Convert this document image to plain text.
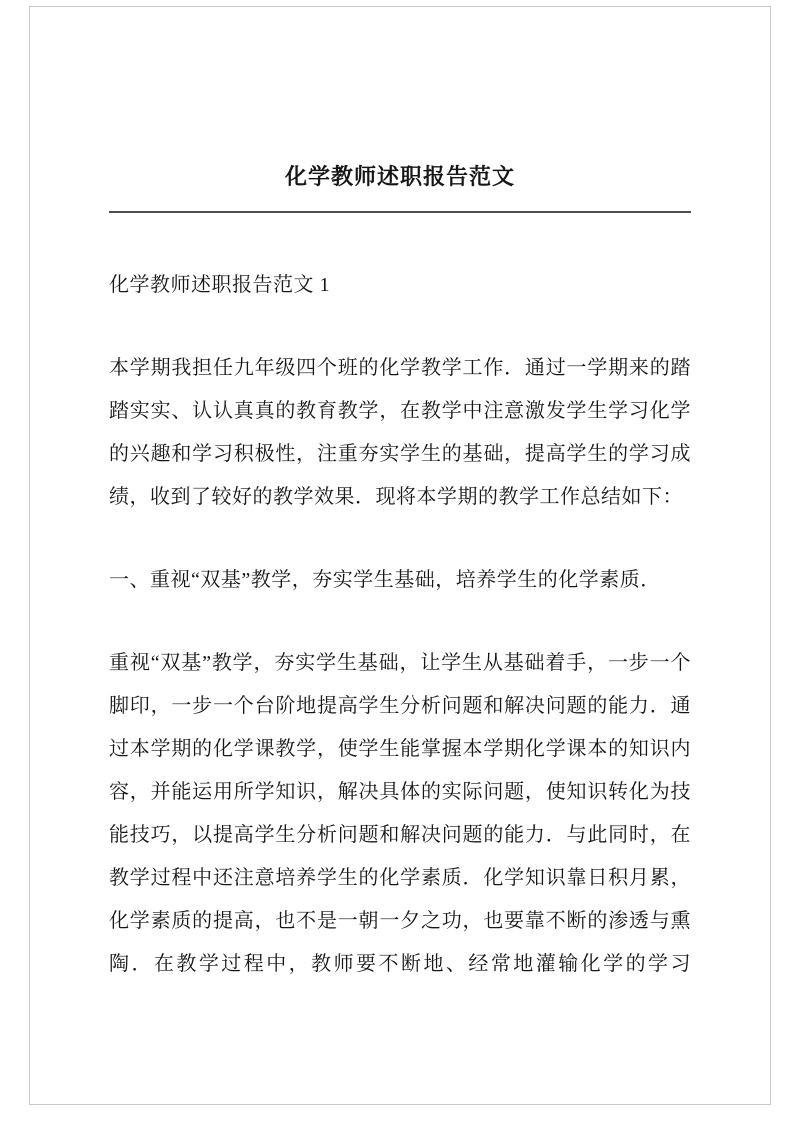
化学教师述职报告范文

化学教师述职报告范文 1

本学期我担任九年级四个班的化学教学工作．通过一学期来的踏踏实实、认认真真的教育教学，在教学中注意激发学生学习化学的兴趣和学习积极性，注重夯实学生的基础，提高学生的学习成绩，收到了较好的教学效果．现将本学期的教学工作总结如下：

一、重视“双基”教学，夯实学生基础，培养学生的化学素质．

重视“双基”教学，夯实学生基础，让学生从基础着手，一步一个脚印，一步一个台阶地提高学生分析问题和解决问题的能力．通过本学期的化学课教学，使学生能掌握本学期化学课本的知识内容，并能运用所学知识，解决具体的实际问题，使知识转化为技能技巧，以提高学生分析问题和解决问题的能力．与此同时，在教学过程中还注意培养学生的化学素质．化学知识靠日积月累，化学素质的提高，也不是一朝一夕之功，也要靠不断的渗透与熏陶．在教学过程中，教师要不断地、经常地灌输化学的学习
